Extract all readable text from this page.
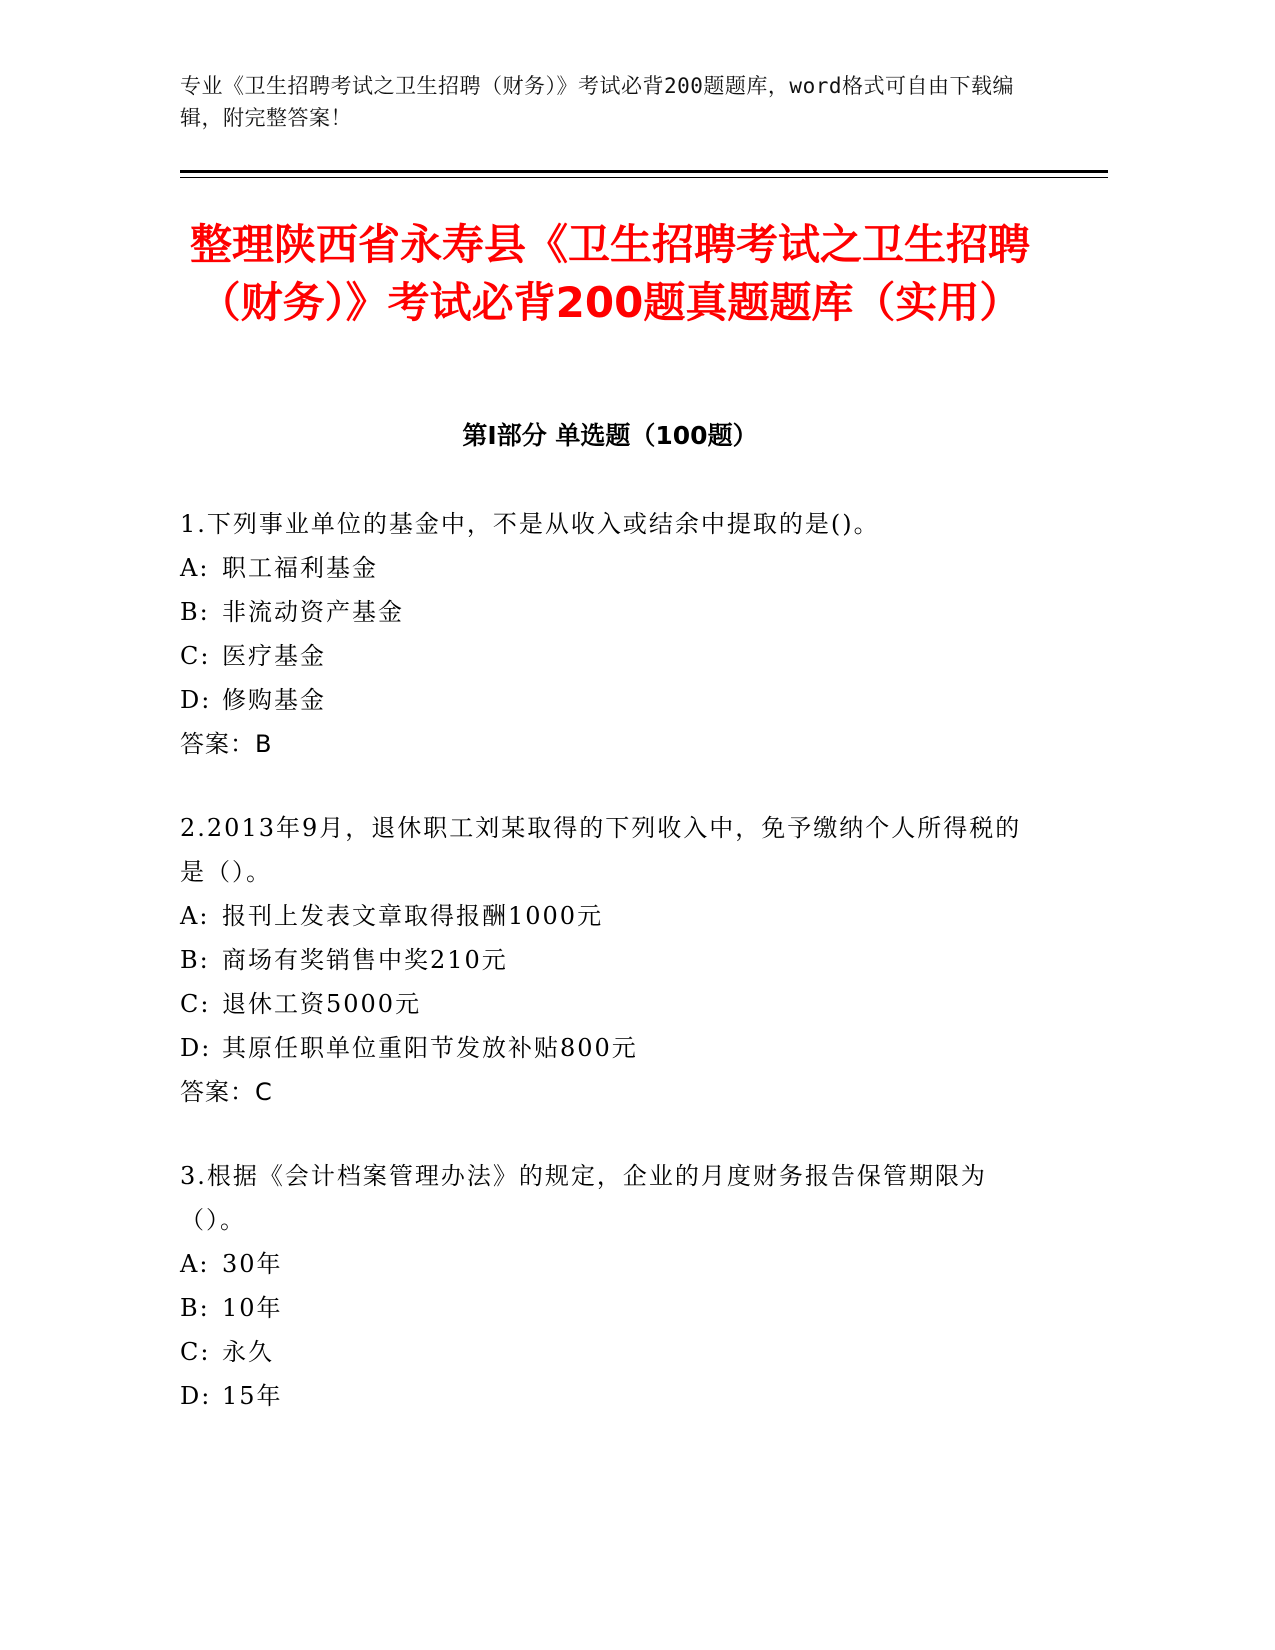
专业《卫生招聘考试之卫生招聘（财务）》考试必背200题题库，word格式可自由下载编辑，附完整答案！
整理陕西省永寿县《卫生招聘考试之卫生招聘（财务）》考试必背200题真题题库（实用）
第I部分 单选题（100题）
1.下列事业单位的基金中，不是从收入或结余中提取的是()。
A: 职工福利基金
B: 非流动资产基金
C: 医疗基金
D: 修购基金
答案：B
2.2013年9月，退休职工刘某取得的下列收入中，免予缴纳个人所得税的是（）。
A: 报刊上发表文章取得报酬1000元
B: 商场有奖销售中奖210元
C: 退休工资5000元
D: 其原任职单位重阳节发放补贴800元
答案：C
3.根据《会计档案管理办法》的规定，企业的月度财务报告保管期限为（）。
A: 30年
B: 10年
C: 永久
D: 15年
